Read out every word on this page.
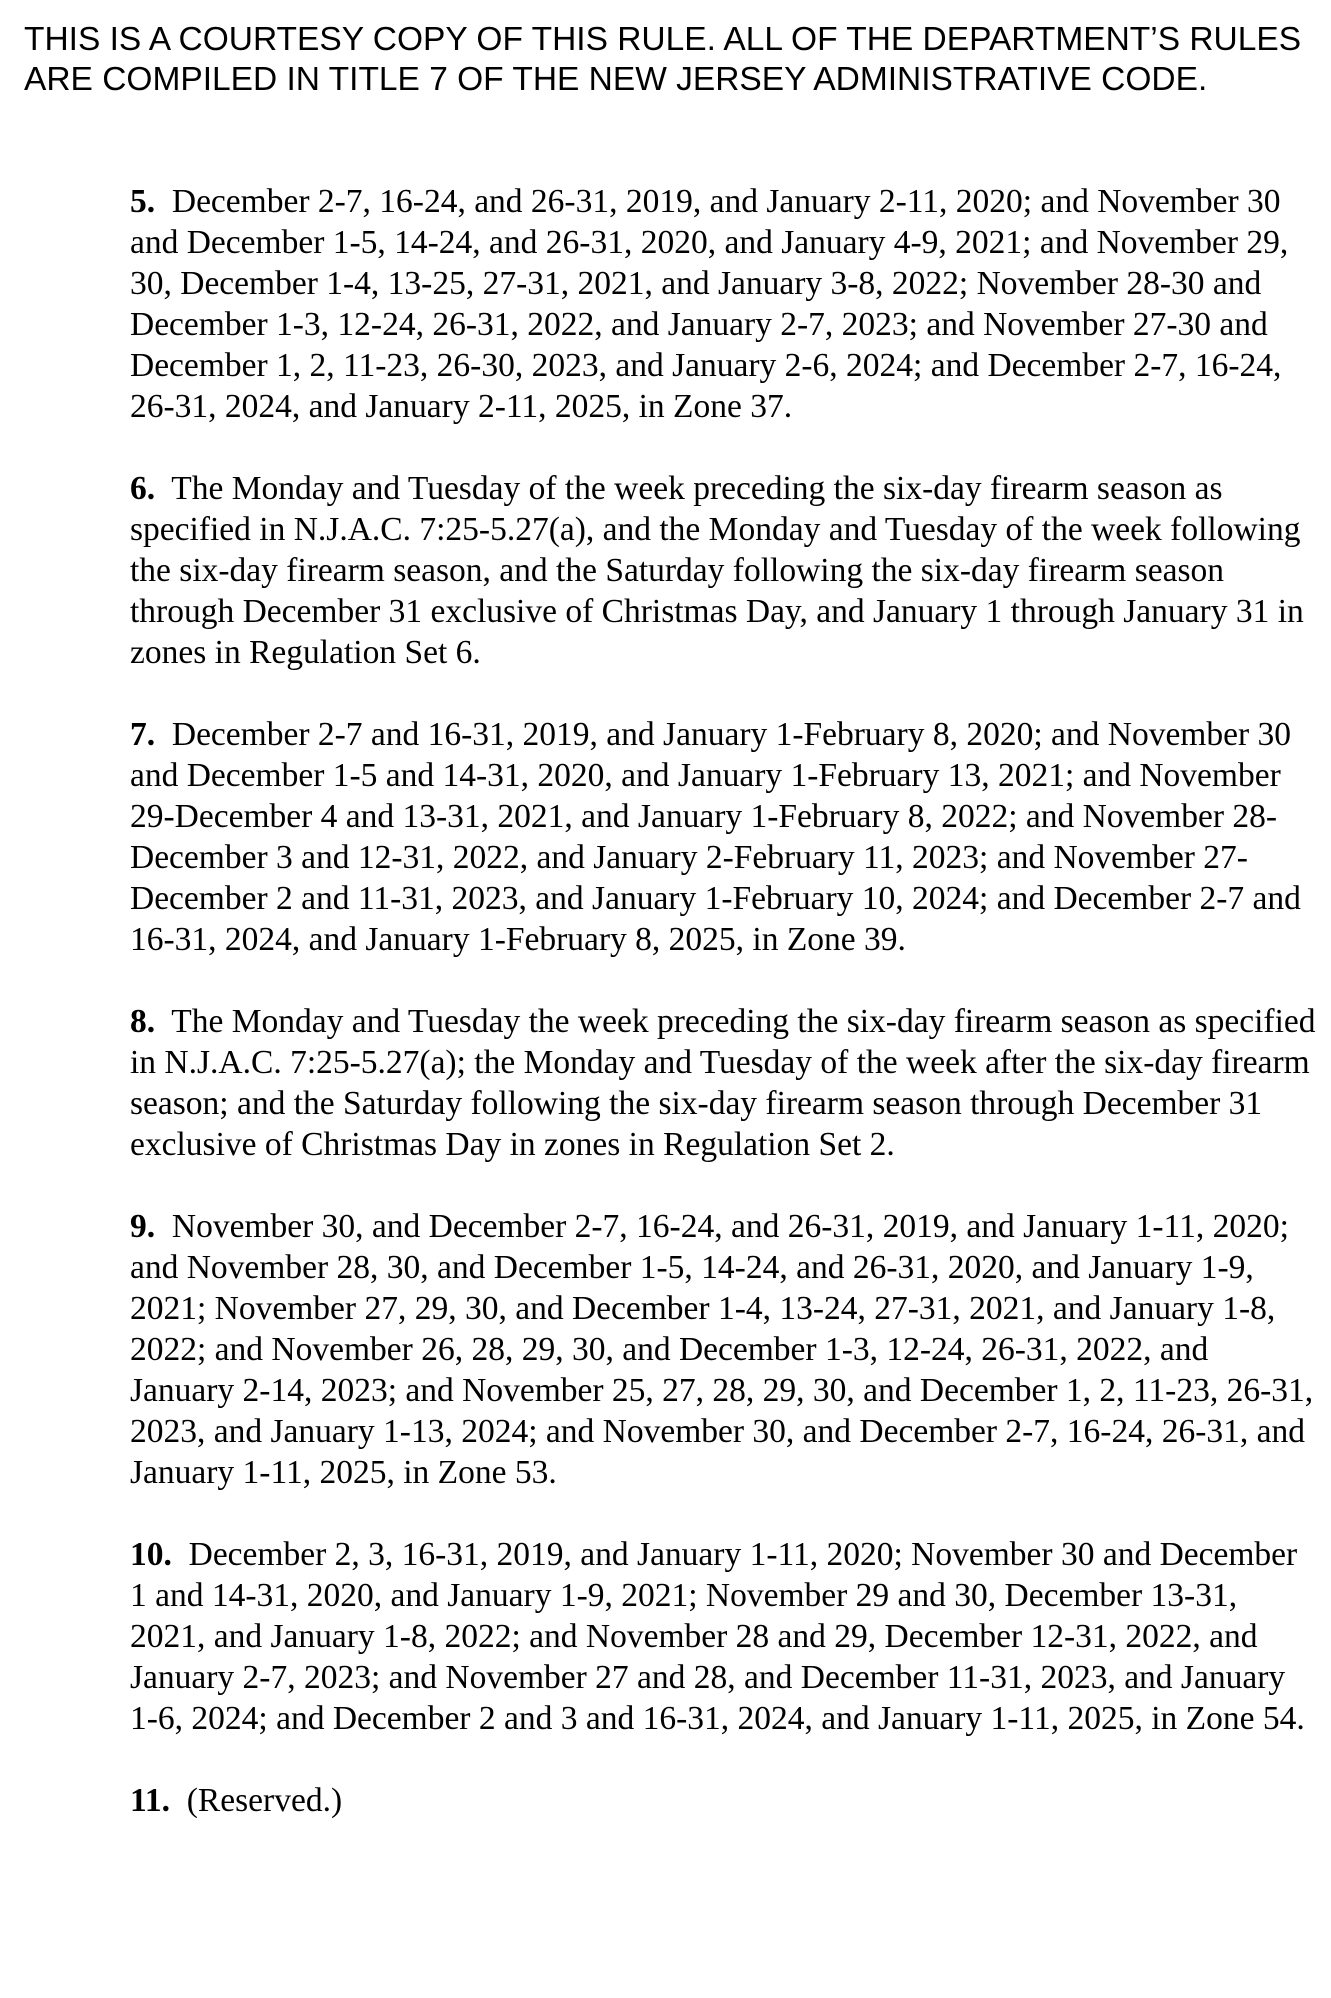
THIS IS A COURTESY COPY OF THIS RULE. ALL OF THE DEPARTMENT’S RULES ARE COMPILED IN TITLE 7 OF THE NEW JERSEY ADMINISTRATIVE CODE.

5. December 2-7, 16-24, and 26-31, 2019, and January 2-11, 2020; and November 30 and December 1-5, 14-24, and 26-31, 2020, and January 4-9, 2021; and November 29, 30, December 1-4, 13-25, 27-31, 2021, and January 3-8, 2022; November 28-30 and December 1-3, 12-24, 26-31, 2022, and January 2-7, 2023; and November 27-30 and December 1, 2, 11-23, 26-30, 2023, and January 2-6, 2024; and December 2-7, 16-24, 26-31, 2024, and January 2-11, 2025, in Zone 37.

6. The Monday and Tuesday of the week preceding the six-day firearm season as specified in N.J.A.C. 7:25-5.27(a), and the Monday and Tuesday of the week following the six-day firearm season, and the Saturday following the six-day firearm season through December 31 exclusive of Christmas Day, and January 1 through January 31 in zones in Regulation Set 6.

7. December 2-7 and 16-31, 2019, and January 1-February 8, 2020; and November 30 and December 1-5 and 14-31, 2020, and January 1-February 13, 2021; and November 29-December 4 and 13-31, 2021, and January 1-February 8, 2022; and November 28-December 3 and 12-31, 2022, and January 2-February 11, 2023; and November 27-December 2 and 11-31, 2023, and January 1-February 10, 2024; and December 2-7 and 16-31, 2024, and January 1-February 8, 2025, in Zone 39.

8. The Monday and Tuesday the week preceding the six-day firearm season as specified in N.J.A.C. 7:25-5.27(a); the Monday and Tuesday of the week after the six-day firearm season; and the Saturday following the six-day firearm season through December 31 exclusive of Christmas Day in zones in Regulation Set 2.

9. November 30, and December 2-7, 16-24, and 26-31, 2019, and January 1-11, 2020; and November 28, 30, and December 1-5, 14-24, and 26-31, 2020, and January 1-9, 2021; November 27, 29, 30, and December 1-4, 13-24, 27-31, 2021, and January 1-8, 2022; and November 26, 28, 29, 30, and December 1-3, 12-24, 26-31, 2022, and January 2-14, 2023; and November 25, 27, 28, 29, 30, and December 1, 2, 11-23, 26-31, 2023, and January 1-13, 2024; and November 30, and December 2-7, 16-24, 26-31, and January 1-11, 2025, in Zone 53.

10. December 2, 3, 16-31, 2019, and January 1-11, 2020; November 30 and December 1 and 14-31, 2020, and January 1-9, 2021; November 29 and 30, December 13-31, 2021, and January 1-8, 2022; and November 28 and 29, December 12-31, 2022, and January 2-7, 2023; and November 27 and 28, and December 11-31, 2023, and January 1-6, 2024; and December 2 and 3 and 16-31, 2024, and January 1-11, 2025, in Zone 54.

11. (Reserved.)
